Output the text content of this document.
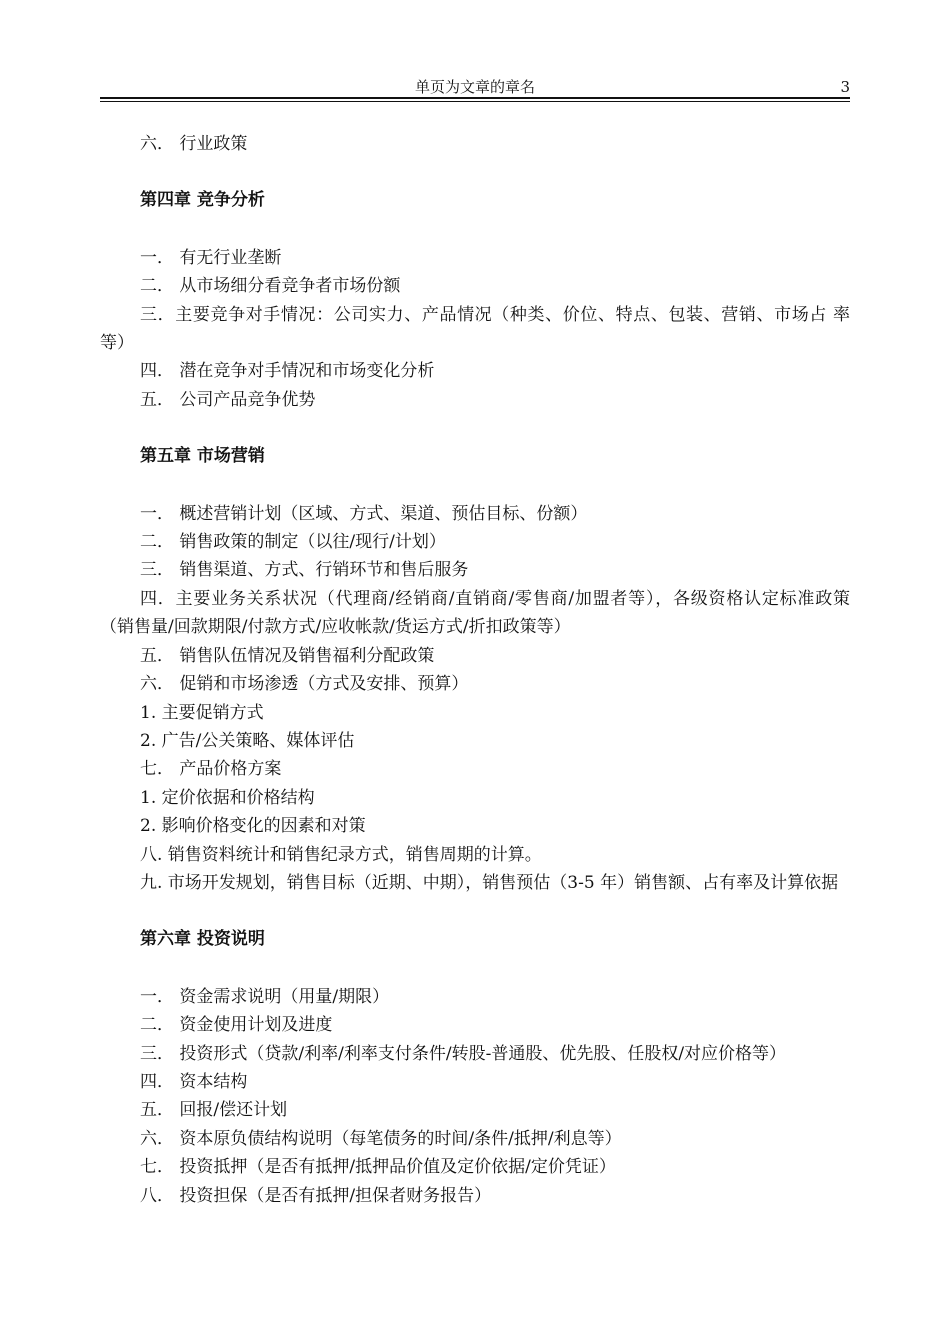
单页为文章的章名	3

六． 行业政策

第四章 竞争分析

一． 有无行业垄断

二． 从市场细分看竞争者市场份额

三．主要竞争对手情况：公司实力、产品情况（种类、价位、特点、包装、营销、市场占 率等）

四． 潜在竞争对手情况和市场变化分析

五． 公司产品竞争优势

第五章 市场营销

一． 概述营销计划（区域、方式、渠道、预估目标、份额）

二． 销售政策的制定（以往/现行/计划）

三． 销售渠道、方式、行销环节和售后服务

四．主要业务关系状况（代理商/经销商/直销商/零售商/加盟者等），各级资格认定标准政策（销售量/回款期限/付款方式/应收帐款/货运方式/折扣政策等）

五． 销售队伍情况及销售福利分配政策

六． 促销和市场渗透（方式及安排、预算）

1. 主要促销方式

2. 广告/公关策略、媒体评估

七． 产品价格方案

1. 定价依据和价格结构

2. 影响价格变化的因素和对策

八. 销售资料统计和销售纪录方式，销售周期的计算。

九. 市场开发规划，销售目标（近期、中期），销售预估（3-5 年）销售额、占有率及计算依据

第六章 投资说明

一． 资金需求说明（用量/期限）

二． 资金使用计划及进度

三． 投资形式（贷款/利率/利率支付条件/转股-普通股、优先股、任股权/对应价格等）

四． 资本结构

五． 回报/偿还计划

六． 资本原负债结构说明（每笔债务的时间/条件/抵押/利息等）

七． 投资抵押（是否有抵押/抵押品价值及定价依据/定价凭证）

八． 投资担保（是否有抵押/担保者财务报告）
